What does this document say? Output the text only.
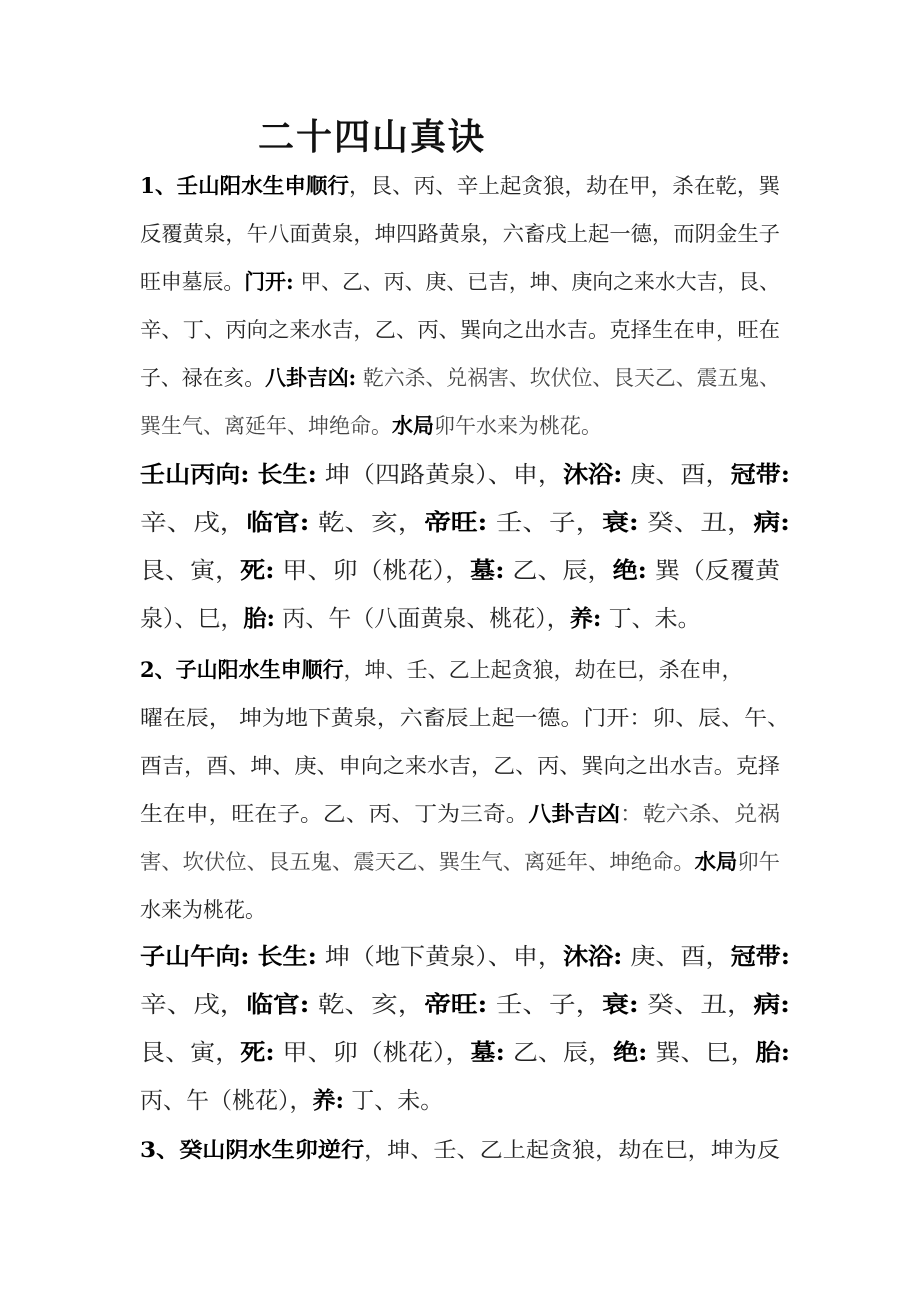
二十四山真诀
1、壬山阳水生申顺行，艮、丙、辛上起贪狼，劫在甲，杀在乾，巽
反覆黄泉，午八面黄泉，坤四路黄泉，六畜戌上起一德，而阴金生子
旺申墓辰。门开: 甲、乙、丙、庚、已吉，坤、庚向之来水大吉，艮、
辛、丁、丙向之来水吉，乙、丙、巽向之出水吉。克择生在申，旺在
子、禄在亥。八卦吉凶: 乾六杀、兑祸害、坎伏位、艮天乙、震五鬼、
巽生气、离延年、坤绝命。水局卯午水来为桃花。
壬山丙向: 长生: 坤（四路黄泉）、申，沐浴: 庚、酉，冠带:
辛、戌，临官: 乾、亥，帝旺: 壬、子，衰: 癸、丑，病:
艮、寅，死: 甲、卯（桃花），墓: 乙、辰，绝: 巽（反覆黄
泉）、巳，胎: 丙、午（八面黄泉、桃花），养: 丁、未。
2、子山阳水生申顺行，坤、壬、乙上起贪狼，劫在巳，杀在申，
曜在辰， 坤为地下黄泉，六畜辰上起一德。门开：卯、辰、午、
酉吉，酉、坤、庚、申向之来水吉，乙、丙、巽向之出水吉。克择
生在申，旺在子。乙、丙、丁为三奇。八卦吉凶：乾六杀、兑祸
害、坎伏位、艮五鬼、震天乙、巽生气、离延年、坤绝命。水局卯午
水来为桃花。
子山午向: 长生: 坤（地下黄泉）、申，沐浴: 庚、酉，冠带:
辛、戌，临官: 乾、亥，帝旺: 壬、子，衰: 癸、丑，病:
艮、寅，死: 甲、卯（桃花），墓: 乙、辰，绝: 巽、巳，胎:
丙、午（桃花），养: 丁、未。
3、癸山阴水生卯逆行，坤、壬、乙上起贪狼，劫在巳，坤为反
